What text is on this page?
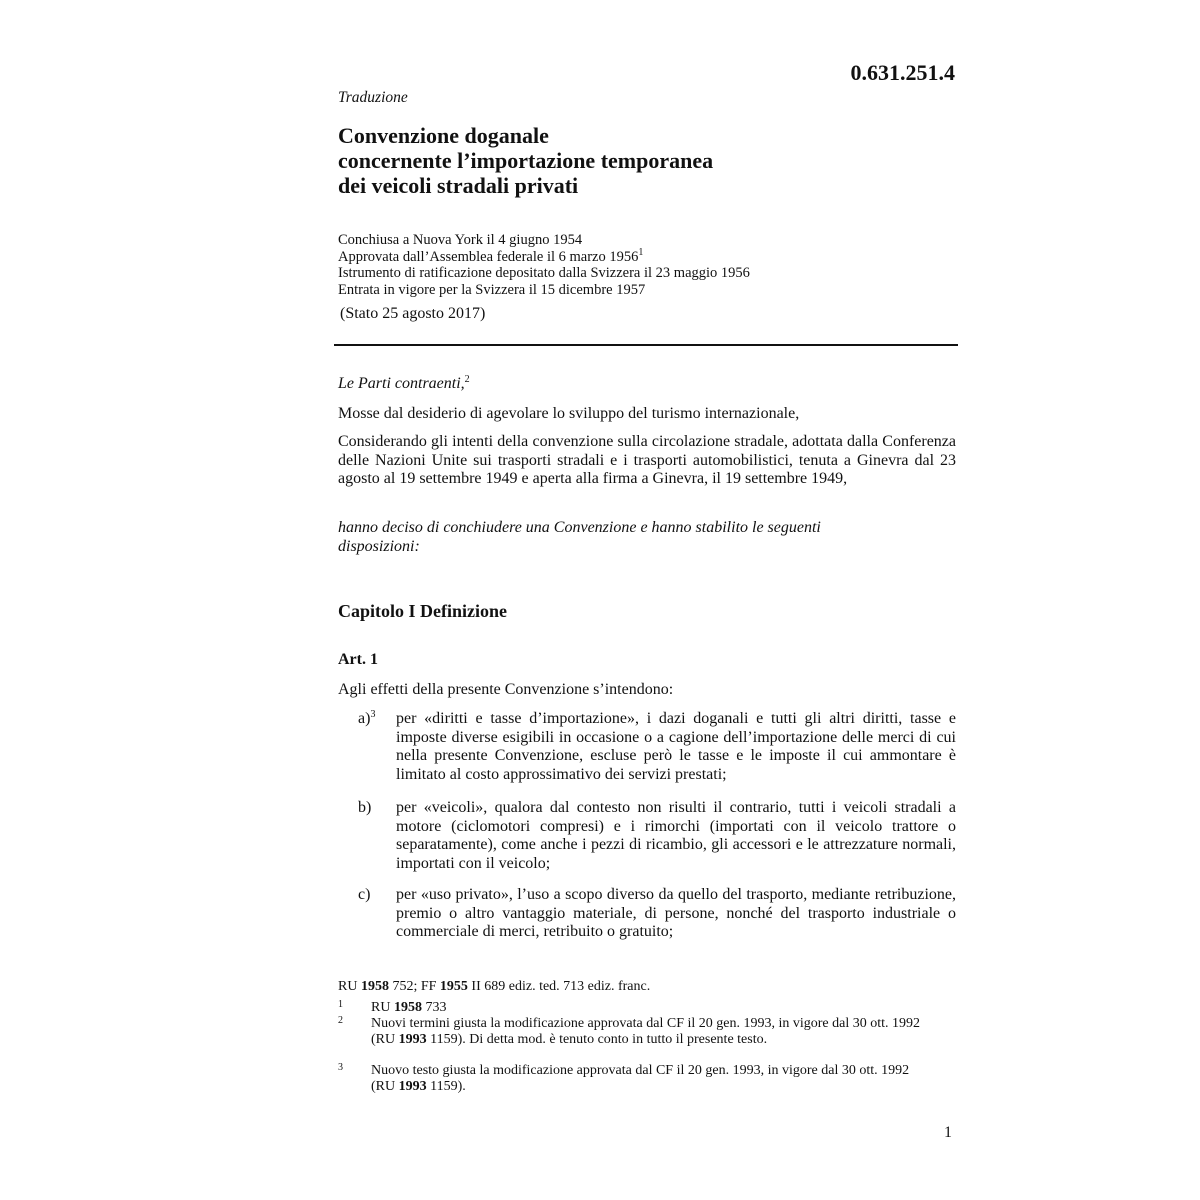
0.631.251.4
Traduzione
Convenzione doganale
concernente l’importazione temporanea
dei veicoli stradali privati
Conchiusa a Nuova York il 4 giugno 1954
Approvata dall’Assemblea federale il 6 marzo 1956$^1$
Istrumento di ratificazione depositato dalla Svizzera il 23 maggio 1956
Entrata in vigore per la Svizzera il 15 dicembre 1957
(Stato 25 agosto 2017)
Le Parti contraenti,$^2$
Mosse dal desiderio di agevolare lo sviluppo del turismo internazionale,
Considerando gli intenti della convenzione sulla circolazione stradale, adottata dalla Conferenza delle Nazioni Unite sui trasporti stradali e i trasporti automobilistici, tenuta a Ginevra dal 23 agosto al 19 settembre 1949 e aperta alla firma a Ginevra, il 19 settembre 1949,
hanno deciso di conchiudere una Convenzione e hanno stabilito le seguenti disposizioni:
Capitolo I Definizione
Art. 1
Agli effetti della presente Convenzione s’intendono:
a)$^3$ per «diritti e tasse d’importazione», i dazi doganali e tutti gli altri diritti, tasse e imposte diverse esigibili in occasione o a cagione dell’importazione delle merci di cui nella presente Convenzione, escluse però le tasse e le imposte il cui ammontare è limitato al costo approssimativo dei servizi prestati;
b) per «veicoli», qualora dal contesto non risulti il contrario, tutti i veicoli stradali a motore (ciclomotori compresi) e i rimorchi (importati con il veicolo trattore o separatamente), come anche i pezzi di ricambio, gli accessori e le attrezzature normali, importati con il veicolo;
c) per «uso privato», l’uso a scopo diverso da quello del trasporto, mediante retribuzione, premio o altro vantaggio materiale, di persone, nonché del trasporto industriale o commerciale di merci, retribuito o gratuito;
RU 1958 752; FF 1955 II 689 ediz. ted. 713 ediz. franc.
1 RU 1958 733
2 Nuovi termini giusta la modificazione approvata dal CF il 20 gen. 1993, in vigore dal 30 ott. 1992 (RU 1993 1159). Di detta mod. è tenuto conto in tutto il presente testo.
3 Nuovo testo giusta la modificazione approvata dal CF il 20 gen. 1993, in vigore dal 30 ott. 1992 (RU 1993 1159).
1
